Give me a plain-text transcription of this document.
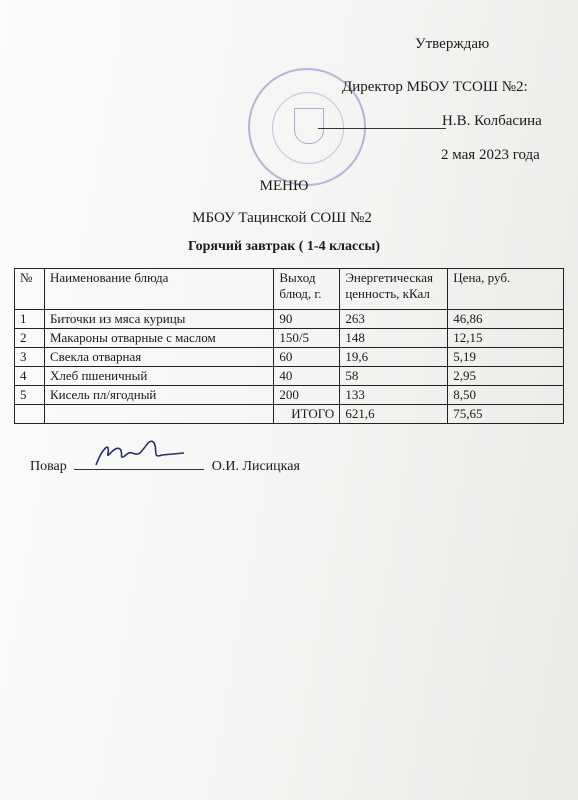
Утверждаю
Директор МБОУ ТСОШ №2:
Н.В. Колбасина
2 мая 2023 года
МЕНЮ
МБОУ Тацинской СОШ №2
Горячий завтрак ( 1-4 классы)
№	Наименование блюда	Выход блюд, г.	Энергетическая ценность, кКал	Цена, руб.
1	Биточки из мяса курицы	90	263	46,86
2	Макароны отварные с маслом	150/5	148	12,15
3	Свекла отварная	60	19,6	5,19
4	Хлеб пшеничный	40	58	2,95
5	Кисель пл/ягодный	200	133	8,50
		ИТОГО	621,6	75,65
Повар	О.И. Лисицкая
